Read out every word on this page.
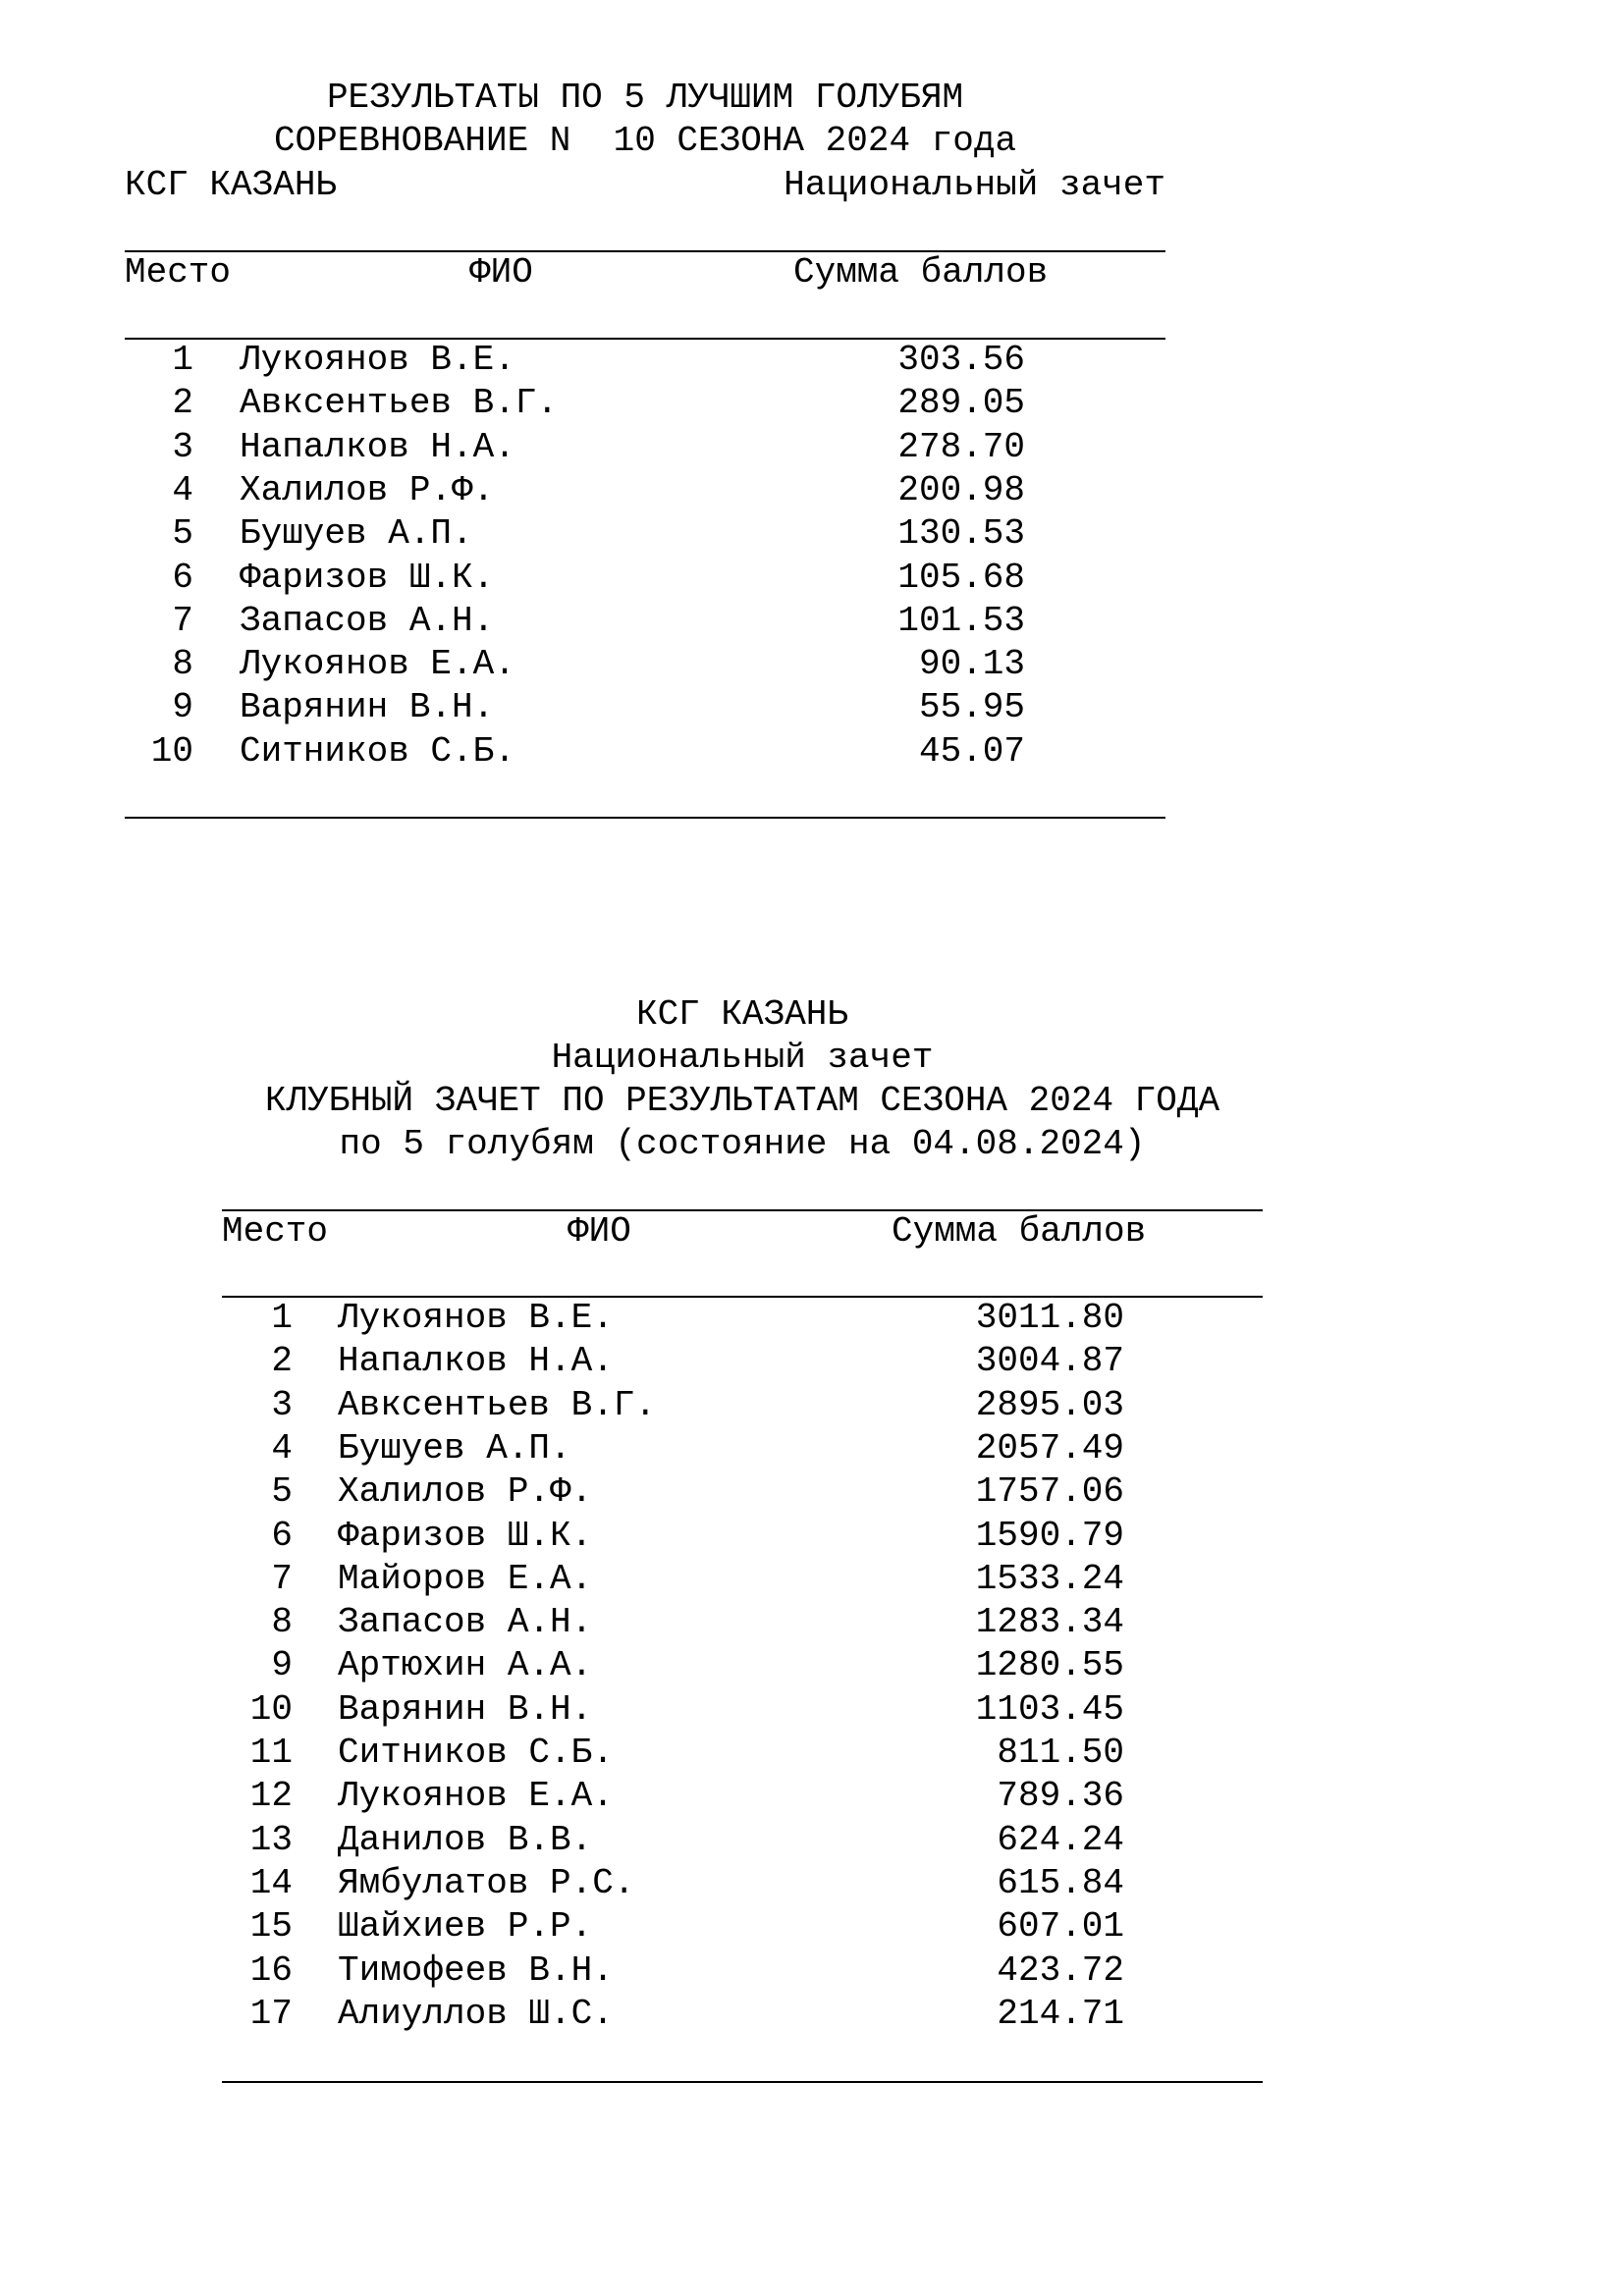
РЕЗУЛЬТАТЫ ПО 5 ЛУЧШИМ ГОЛУБЯМ
СОРЕВНОВАНИЕ N  10 СЕЗОНА 2024 года
КСГ КАЗАНЬ	Национальный зачет
Место	ФИО	Сумма баллов
1 Лукоянов В.Е.	303.56
2 Авксентьев В.Г.	289.05
3 Напалков Н.А.	278.70
4 Халилов Р.Ф.	200.98
5 Бушуев А.П.	130.53
6 Фаризов Ш.К.	105.68
7 Запасов А.Н.	101.53
8 Лукоянов Е.А.	90.13
9 Варянин В.Н.	55.95
10 Ситников С.Б.	45.07
КСГ КАЗАНЬ
Национальный зачет
КЛУБНЫЙ ЗАЧЕТ ПО РЕЗУЛЬТАТАМ СЕЗОНА 2024 ГОДА
по 5 голубям (состояние на 04.08.2024)
Место	ФИО	Сумма баллов
1 Лукоянов В.Е.	3011.80
2 Напалков Н.А.	3004.87
3 Авксентьев В.Г.	2895.03
4 Бушуев А.П.	2057.49
5 Халилов Р.Ф.	1757.06
6 Фаризов Ш.К.	1590.79
7 Майоров Е.А.	1533.24
8 Запасов А.Н.	1283.34
9 Артюхин А.А.	1280.55
10 Варянин В.Н.	1103.45
11 Ситников С.Б.	811.50
12 Лукоянов Е.А.	789.36
13 Данилов В.В.	624.24
14 Ямбулатов Р.С.	615.84
15 Шайхиев Р.Р.	607.01
16 Тимофеев В.Н.	423.72
17 Алиуллов Ш.С.	214.71
